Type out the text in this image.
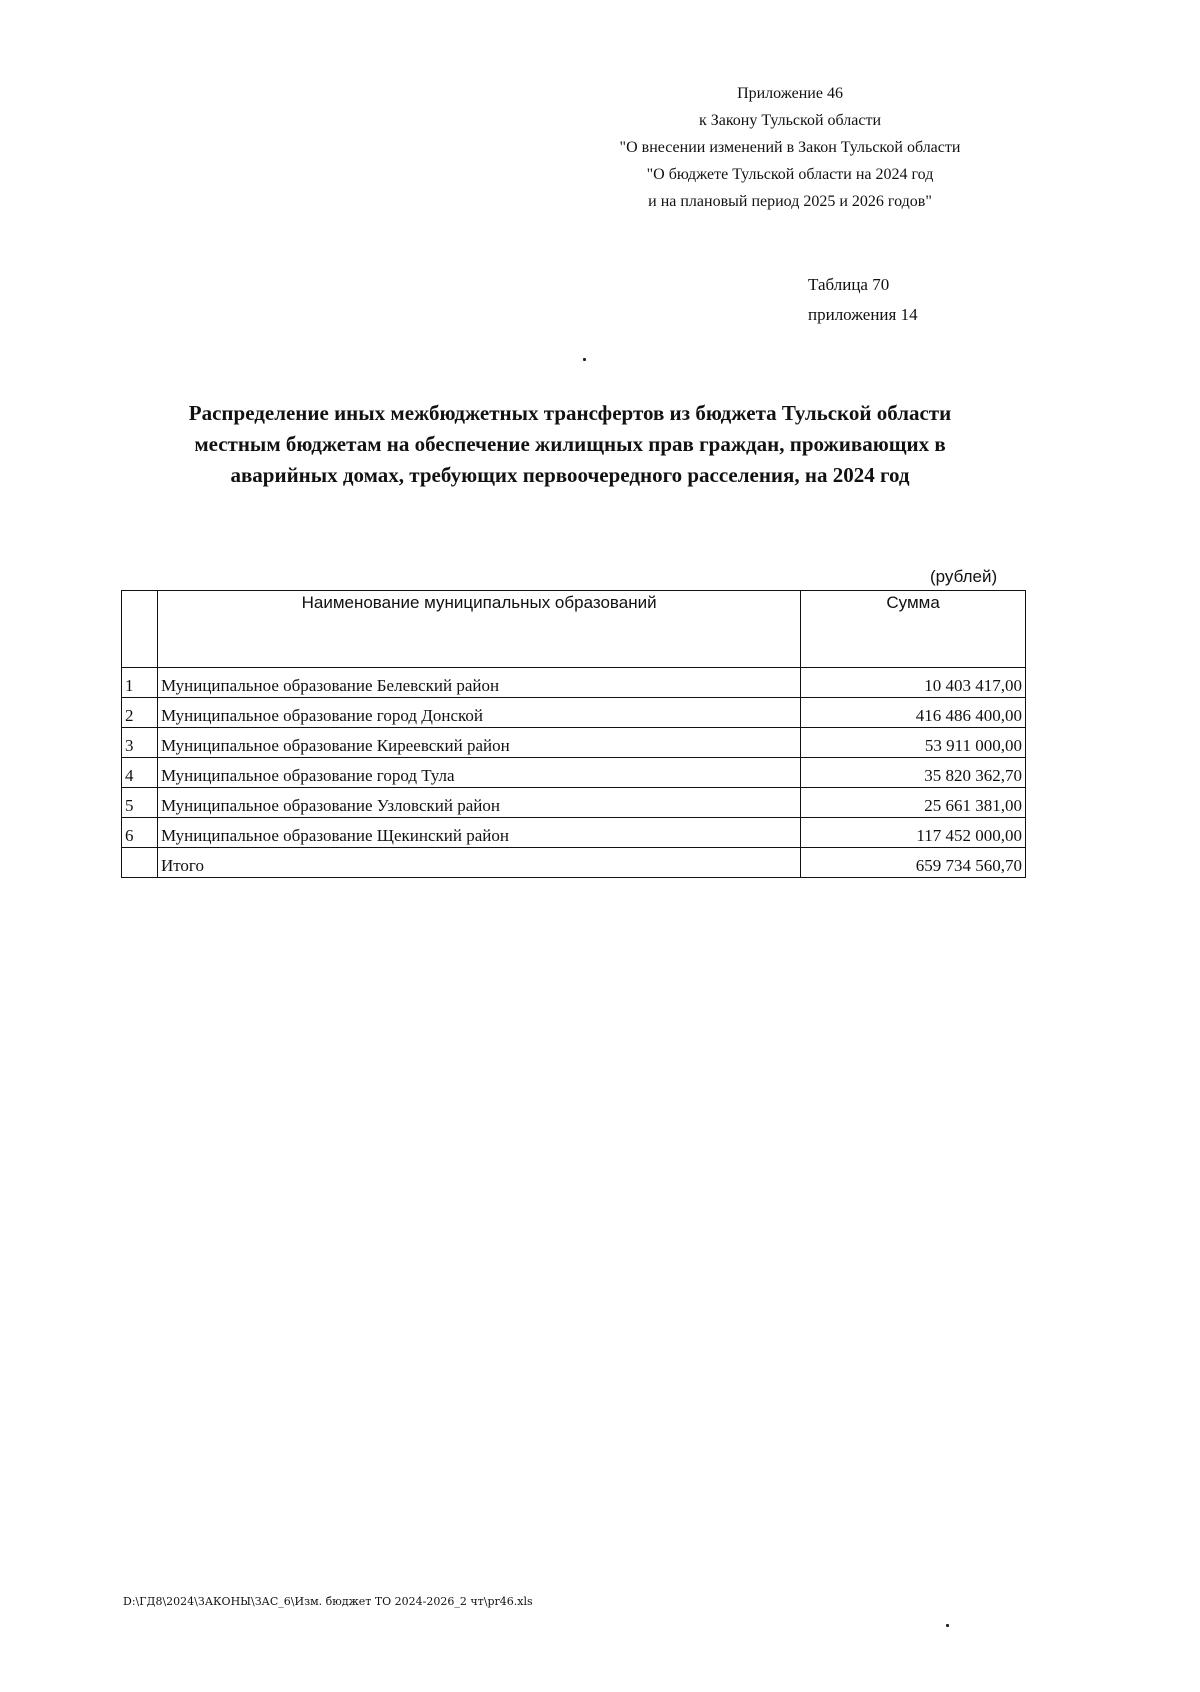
Приложение 46
к Закону Тульской области
"О внесении изменений в Закон Тульской области
"О бюджете Тульской области на 2024 год
и на плановый период 2025 и 2026 годов"
Таблица 70
приложения 14
Распределение иных межбюджетных трансфертов из бюджета Тульской области
местным бюджетам на обеспечение жилищных прав граждан, проживающих в
аварийных домах, требующих первоочередного расселения, на 2024 год
(рублей)
	Наименование муниципальных образований	Сумма
1	Муниципальное образование Белевский район	10 403 417,00
2	Муниципальное образование город Донской	416 486 400,00
3	Муниципальное образование Киреевский район	53 911 000,00
4	Муниципальное образование город Тула	35 820 362,70
5	Муниципальное образование Узловский район	25 661 381,00
6	Муниципальное образование Щекинский район	117 452 000,00
	Итого	659 734 560,70
D:\ГД8\2024\ЗАКОНЫ\ЗАС_6\Изм. бюджет ТО 2024-2026_2 чт\pr46.xls
